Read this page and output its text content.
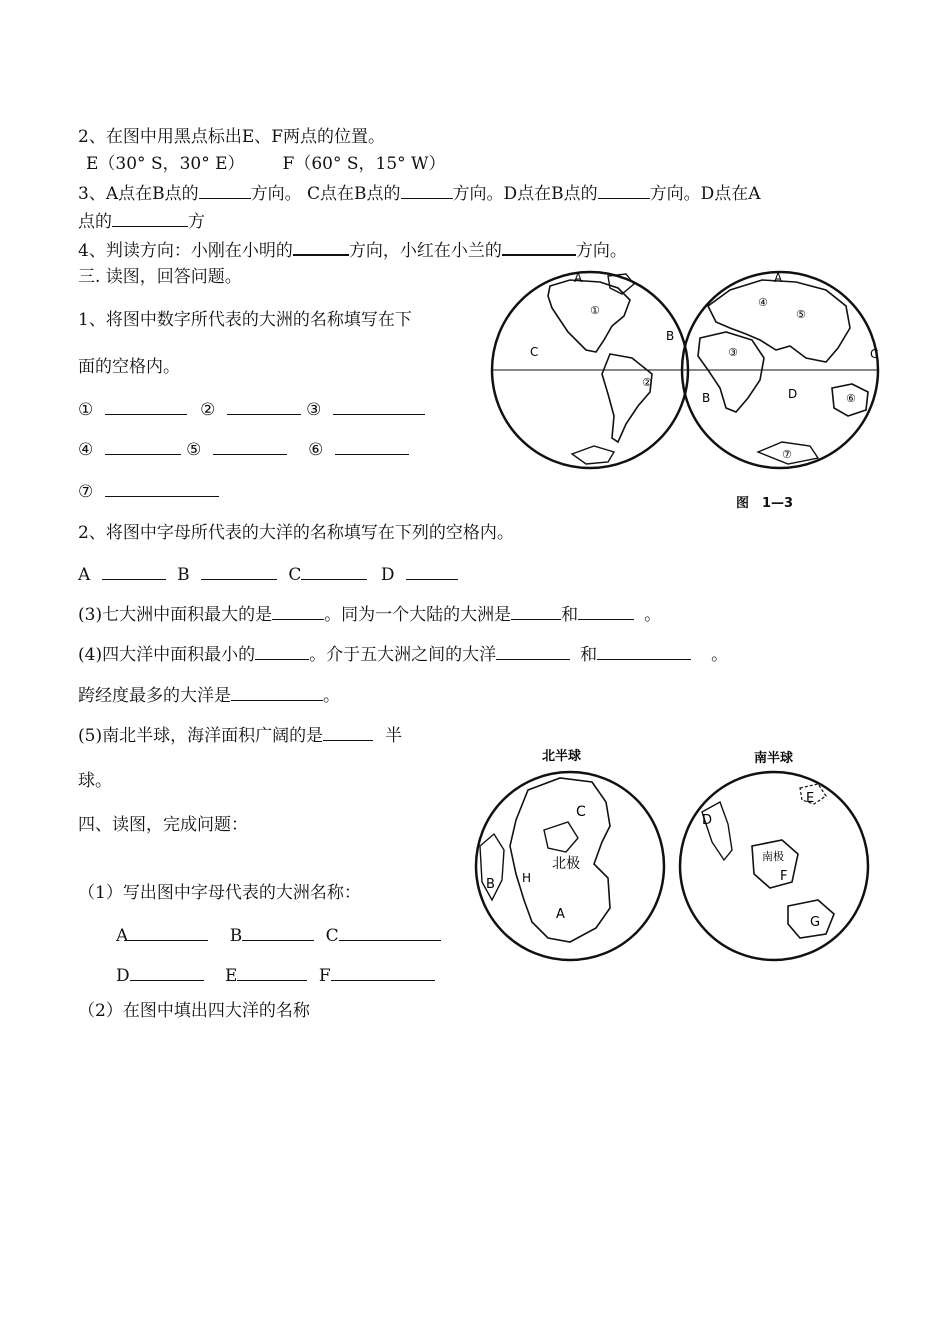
2、在图中用黑点标出E、F两点的位置。
E（30° S，30° E） F（60° S，15° W）
3、A点在B点的	方向。 C点在B点的	方向。D点在B点的	方向。D点在A
点的	方
4、判读方向：小刚在小明的	方向，小红在小兰的	方向。
三. 读图，回答问题。
1、将图中数字所代表的大洲的名称填写在下
面的空格内。
①	②	③
④	⑤	⑥
⑦
2、将图中字母所代表的大洋的名称填写在下列的空格内。
A	B	C	D
(3)七大洲中面积最大的是	。同为一个大陆的大洲是	和	。
(4)四大洋中面积最小的	。介于五大洲之间的大洋	和	。
跨经度最多的大洋是	。
(5)南北半球，海洋面积广阔的是	半
球。
四、读图，完成问题：
（1）写出图中字母代表的大洲名称：
A	B	C
D	E	F
（2）在图中填出四大洋的名称
A
B
C
①
②
A
B
C
D
③
④
⑤
⑥
⑦
图　1—3
北半球	南半球
北极	南极
A
B
C
H
D
E
F
G
